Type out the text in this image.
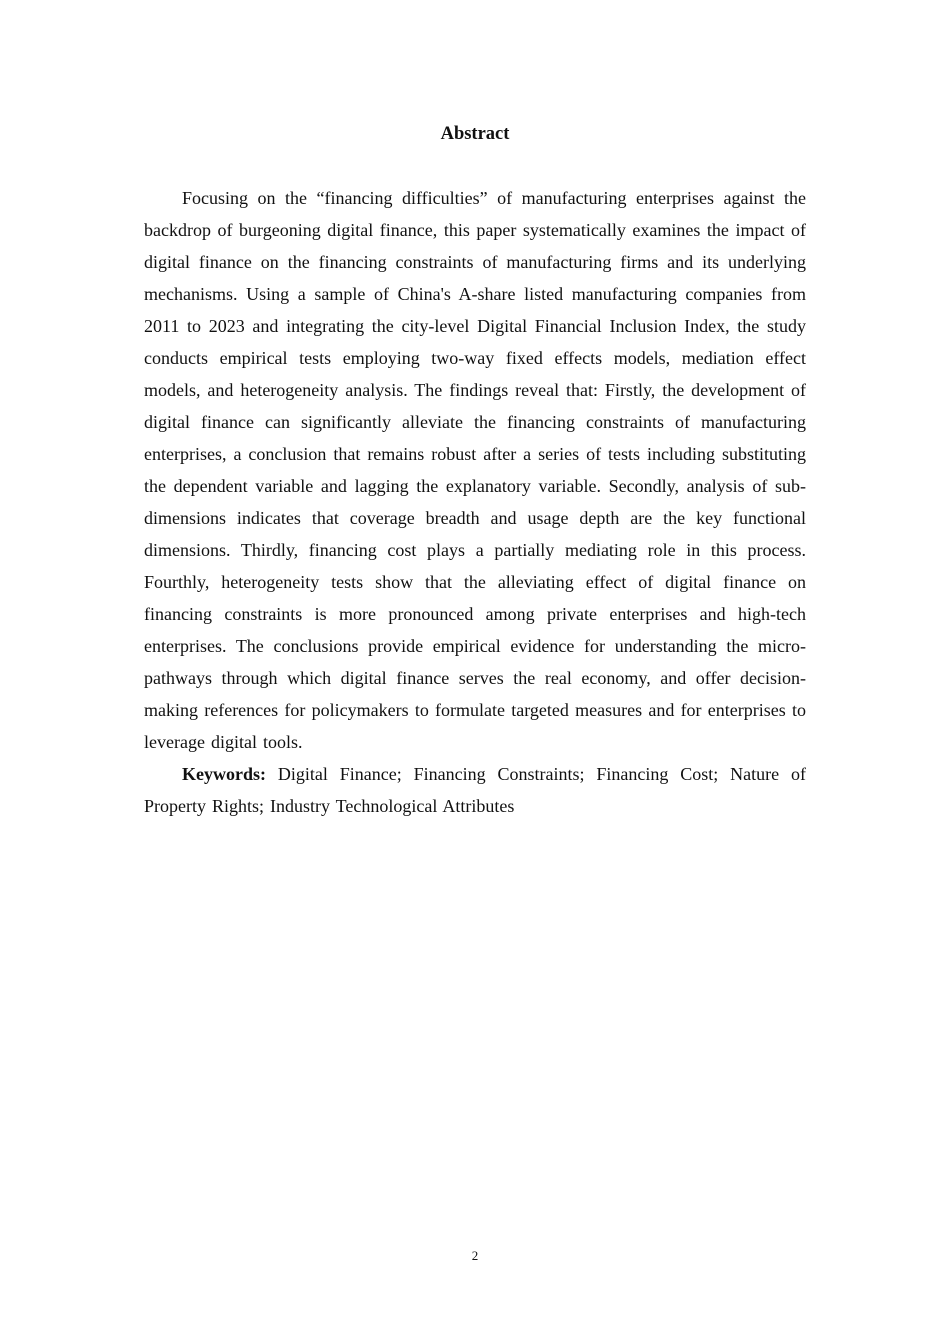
Abstract

Focusing on the “financing difficulties” of manufacturing enterprises against the backdrop of burgeoning digital finance, this paper systematically examines the impact of digital finance on the financing constraints of manufacturing firms and its underlying mechanisms. Using a sample of China's A-share listed manufacturing companies from 2011 to 2023 and integrating the city-level Digital Financial Inclusion Index, the study conducts empirical tests employing two-way fixed effects models, mediation effect models, and heterogeneity analysis. The findings reveal that: Firstly, the development of digital finance can significantly alleviate the financing constraints of manufacturing enterprises, a conclusion that remains robust after a series of tests including substituting the dependent variable and lagging the explanatory variable. Secondly, analysis of sub-dimensions indicates that coverage breadth and usage depth are the key functional dimensions. Thirdly, financing cost plays a partially mediating role in this process. Fourthly, heterogeneity tests show that the alleviating effect of digital finance on financing constraints is more pronounced among private enterprises and high-tech enterprises. The conclusions provide empirical evidence for understanding the micro-pathways through which digital finance serves the real economy, and offer decision-making references for policymakers to formulate targeted measures and for enterprises to leverage digital tools.

Keywords: Digital Finance; Financing Constraints; Financing Cost; Nature of Property Rights; Industry Technological Attributes

2
